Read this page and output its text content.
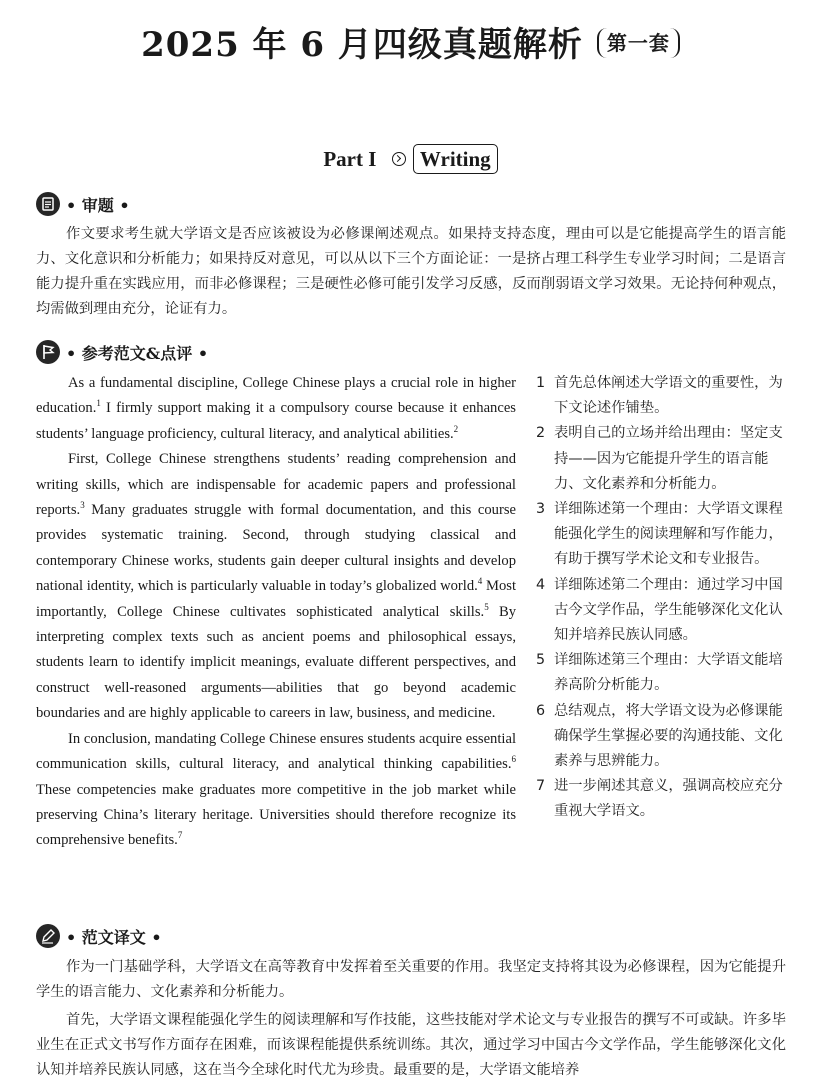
2025 年 6 月四级真题解析 第一套
Part I Writing
• 审题 •
作文要求考生就大学语文是否应该被设为必修课阐述观点。如果持支持态度，理由可以是它能提高学生的语言能力、文化意识和分析能力；如果持反对意见，可以从以下三个方面论证：一是挤占理工科学生专业学习时间；二是语言能力提升重在实践应用，而非必修课程；三是硬性必修可能引发学习反感，反而削弱语文学习效果。无论持何种观点，均需做到理由充分，论证有力。
• 参考范文&点评 •

As a fundamental discipline, College Chinese plays a crucial role in higher education.$^1$ I firmly support making it a compulsory course because it enhances students’ language proficiency, cultural literacy, and analytical abilities.$^2$

First, College Chinese strengthens students’ reading comprehension and writing skills, which are indispensable for academic papers and professional reports.$^3$ Many graduates struggle with formal documentation, and this course provides systematic training. Second, through studying classical and contemporary Chinese works, students gain deeper cultural insights and develop national identity, which is particularly valuable in today’s globalized world.$^4$ Most importantly, College Chinese cultivates sophisticated analytical skills.$^5$ By interpreting complex texts such as ancient poems and philosophical essays, students learn to identify implicit meanings, evaluate different perspectives, and construct well-reasoned arguments—abilities that go beyond academic boundaries and are highly applicable to careers in law, business, and medicine.

In conclusion, mandating College Chinese ensures students acquire essential communication skills, cultural literacy, and analytical thinking capabilities.$^6$ These competencies make graduates more competitive in the job market while preserving China’s literary heritage. Universities should therefore recognize its comprehensive benefits.$^7$

1 首先总体阐述大学语文的重要性，为下文论述作铺垫。
2 表明自己的立场并给出理由：坚定支持——因为它能提升学生的语言能力、文化素养和分析能力。
3 详细陈述第一个理由：大学语文课程能强化学生的阅读理解和写作能力，有助于撰写学术论文和专业报告。
4 详细陈述第二个理由：通过学习中国古今文学作品，学生能够深化文化认知并培养民族认同感。
5 详细陈述第三个理由：大学语文能培养高阶分析能力。
6 总结观点，将大学语文设为必修课能确保学生掌握必要的沟通技能、文化素养与思辨能力。
7 进一步阐述其意义，强调高校应充分重视大学语文。
• 范文译文 •

作为一门基础学科，大学语文在高等教育中发挥着至关重要的作用。我坚定支持将其设为必修课程，因为它能提升学生的语言能力、文化素养和分析能力。

首先，大学语文课程能强化学生的阅读理解和写作技能，这些技能对学术论文与专业报告的撰写不可或缺。许多毕业生在正式文书写作方面存在困难，而该课程能提供系统训练。其次，通过学习中国古今文学作品，学生能够深化文化认知并培养民族认同感，这在当今全球化时代尤为珍贵。最重要的是，大学语文能培养
